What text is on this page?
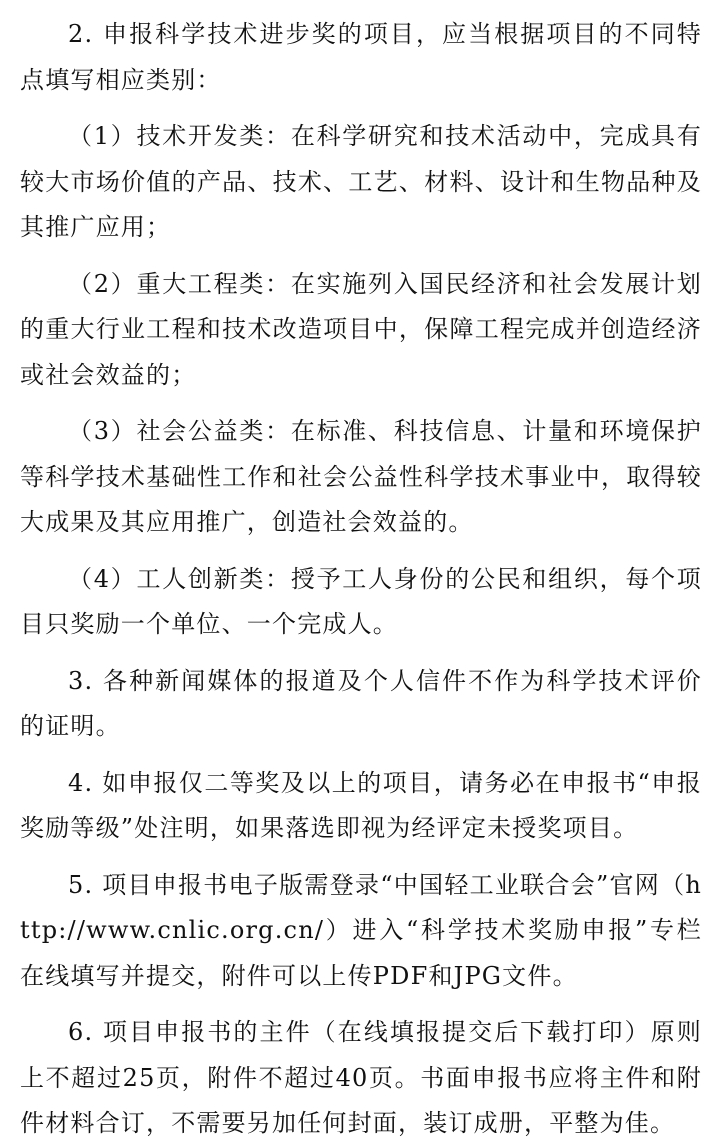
2. 申报科学技术进步奖的项目，应当根据项目的不同特点填写相应类别：

（1）技术开发类：在科学研究和技术活动中，完成具有较大市场价值的产品、技术、工艺、材料、设计和生物品种及其推广应用；

（2）重大工程类：在实施列入国民经济和社会发展计划的重大行业工程和技术改造项目中，保障工程完成并创造经济或社会效益的；

（3）社会公益类：在标准、科技信息、计量和环境保护等科学技术基础性工作和社会公益性科学技术事业中，取得较大成果及其应用推广，创造社会效益的。

（4）工人创新类：授予工人身份的公民和组织，每个项目只奖励一个单位、一个完成人。

3. 各种新闻媒体的报道及个人信件不作为科学技术评价的证明。

4. 如申报仅二等奖及以上的项目，请务必在申报书“申报奖励等级”处注明，如果落选即视为经评定未授奖项目。

5. 项目申报书电子版需登录“中国轻工业联合会”官网（http://www.cnlic.org.cn/）进入“科学技术奖励申报”专栏在线填写并提交，附件可以上传PDF和JPG文件。

6. 项目申报书的主件（在线填报提交后下载打印）原则上不超过25页，附件不超过40页。书面申报书应将主件和附件材料合订，不需要另加任何封面，装订成册，平整为佳。
